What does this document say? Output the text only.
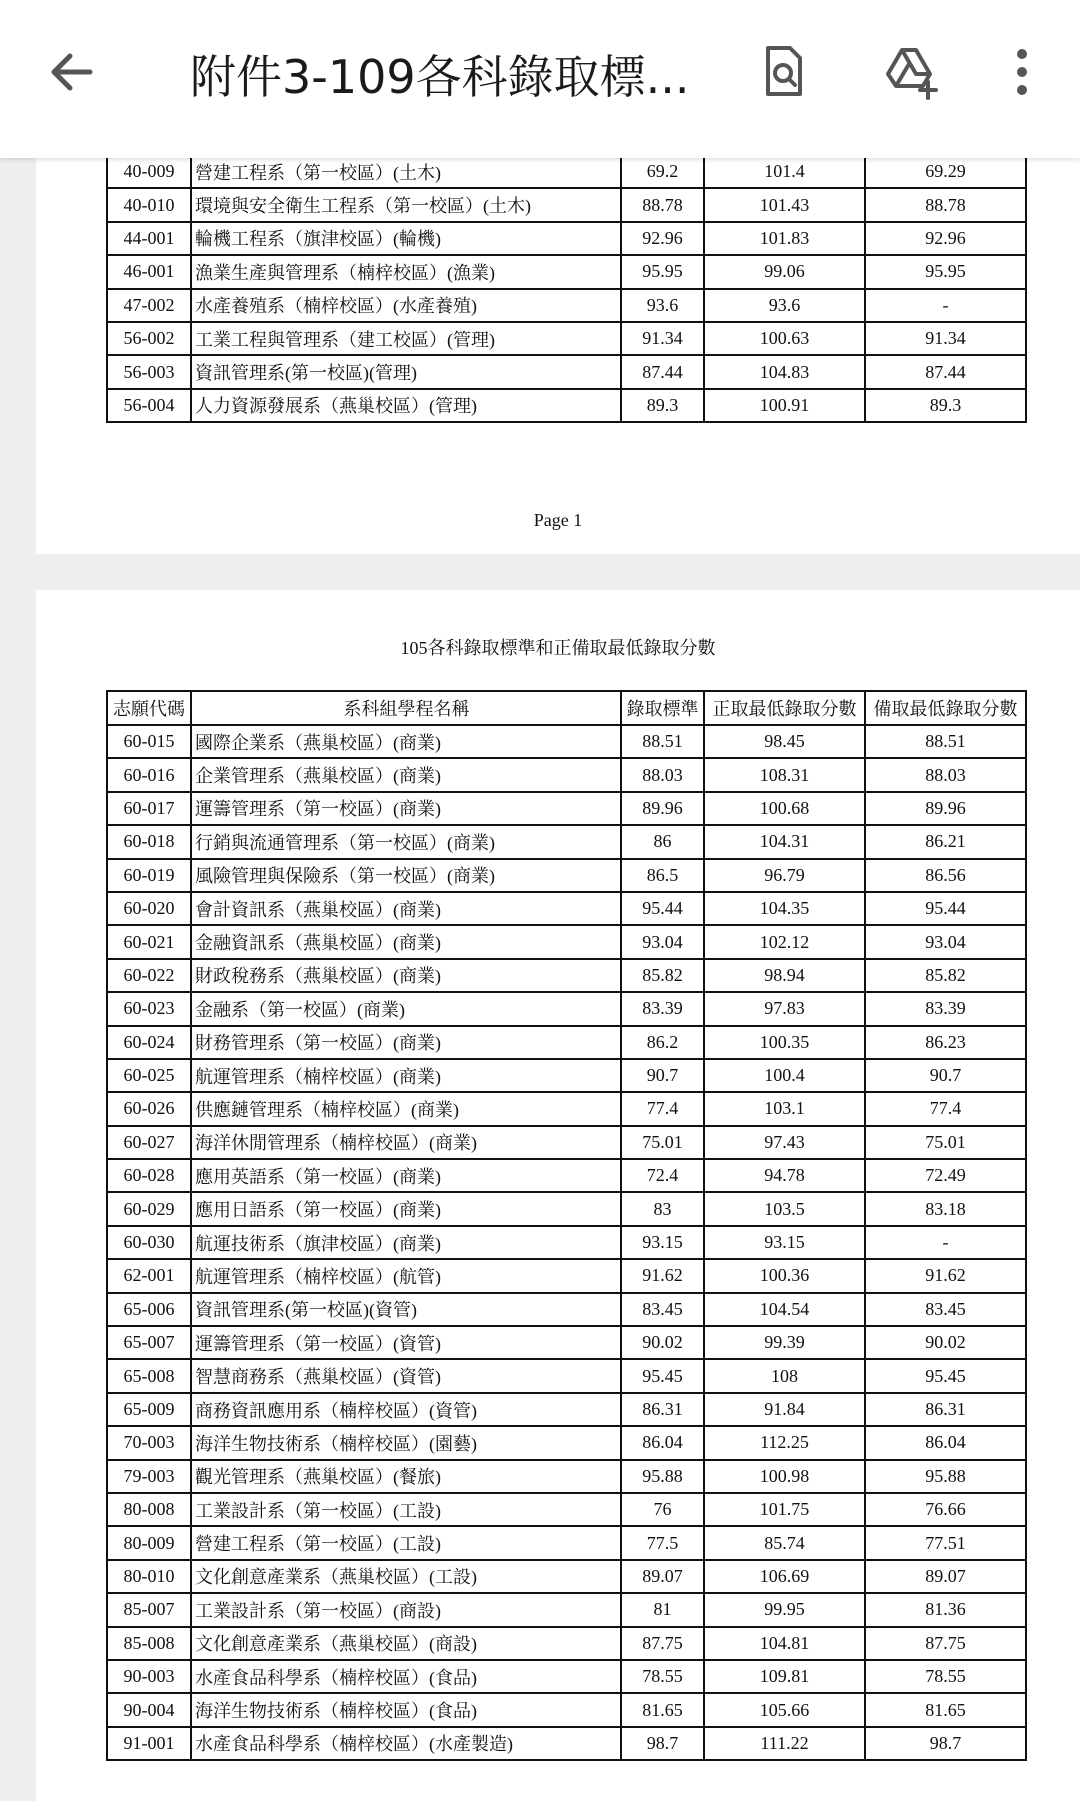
40-009	營建工程系（第一校區）(土木)	69.2	101.4	69.29
40-010	環境與安全衛生工程系（第一校區）(土木)	88.78	101.43	88.78
44-001	輪機工程系（旗津校區）(輪機)	92.96	101.83	92.96
46-001	漁業生產與管理系（楠梓校區）(漁業)	95.95	99.06	95.95
47-002	水產養殖系（楠梓校區）(水產養殖)	93.6	93.6	-
56-002	工業工程與管理系（建工校區）(管理)	91.34	100.63	91.34
56-003	資訊管理系(第一校區)(管理)	87.44	104.83	87.44
56-004	人力資源發展系（燕巢校區）(管理)	89.3	100.91	89.3
Page 1
105各科錄取標準和正備取最低錄取分數
志願代碼	系科組學程名稱	錄取標準	正取最低錄取分數	備取最低錄取分數
60-015	國際企業系（燕巢校區）(商業)	88.51	98.45	88.51
60-016	企業管理系（燕巢校區）(商業)	88.03	108.31	88.03
60-017	運籌管理系（第一校區）(商業)	89.96	100.68	89.96
60-018	行銷與流通管理系（第一校區）(商業)	86	104.31	86.21
60-019	風險管理與保險系（第一校區）(商業)	86.5	96.79	86.56
60-020	會計資訊系（燕巢校區）(商業)	95.44	104.35	95.44
60-021	金融資訊系（燕巢校區）(商業)	93.04	102.12	93.04
60-022	財政稅務系（燕巢校區）(商業)	85.82	98.94	85.82
60-023	金融系（第一校區）(商業)	83.39	97.83	83.39
60-024	財務管理系（第一校區）(商業)	86.2	100.35	86.23
60-025	航運管理系（楠梓校區）(商業)	90.7	100.4	90.7
60-026	供應鏈管理系（楠梓校區）(商業)	77.4	103.1	77.4
60-027	海洋休閒管理系（楠梓校區）(商業)	75.01	97.43	75.01
60-028	應用英語系（第一校區）(商業)	72.4	94.78	72.49
60-029	應用日語系（第一校區）(商業)	83	103.5	83.18
60-030	航運技術系（旗津校區）(商業)	93.15	93.15	-
62-001	航運管理系（楠梓校區）(航管)	91.62	100.36	91.62
65-006	資訊管理系(第一校區)(資管)	83.45	104.54	83.45
65-007	運籌管理系（第一校區）(資管)	90.02	99.39	90.02
65-008	智慧商務系（燕巢校區）(資管)	95.45	108	95.45
65-009	商務資訊應用系（楠梓校區）(資管)	86.31	91.84	86.31
70-003	海洋生物技術系（楠梓校區）(園藝)	86.04	112.25	86.04
79-003	觀光管理系（燕巢校區）(餐旅)	95.88	100.98	95.88
80-008	工業設計系（第一校區）(工設)	76	101.75	76.66
80-009	營建工程系（第一校區）(工設)	77.5	85.74	77.51
80-010	文化創意產業系（燕巢校區）(工設)	89.07	106.69	89.07
85-007	工業設計系（第一校區）(商設)	81	99.95	81.36
85-008	文化創意產業系（燕巢校區）(商設)	87.75	104.81	87.75
90-003	水產食品科學系（楠梓校區）(食品)	78.55	109.81	78.55
90-004	海洋生物技術系（楠梓校區）(食品)	81.65	105.66	81.65
91-001	水產食品科學系（楠梓校區）(水產製造)	98.7	111.22	98.7
附件3-109各科錄取標...
